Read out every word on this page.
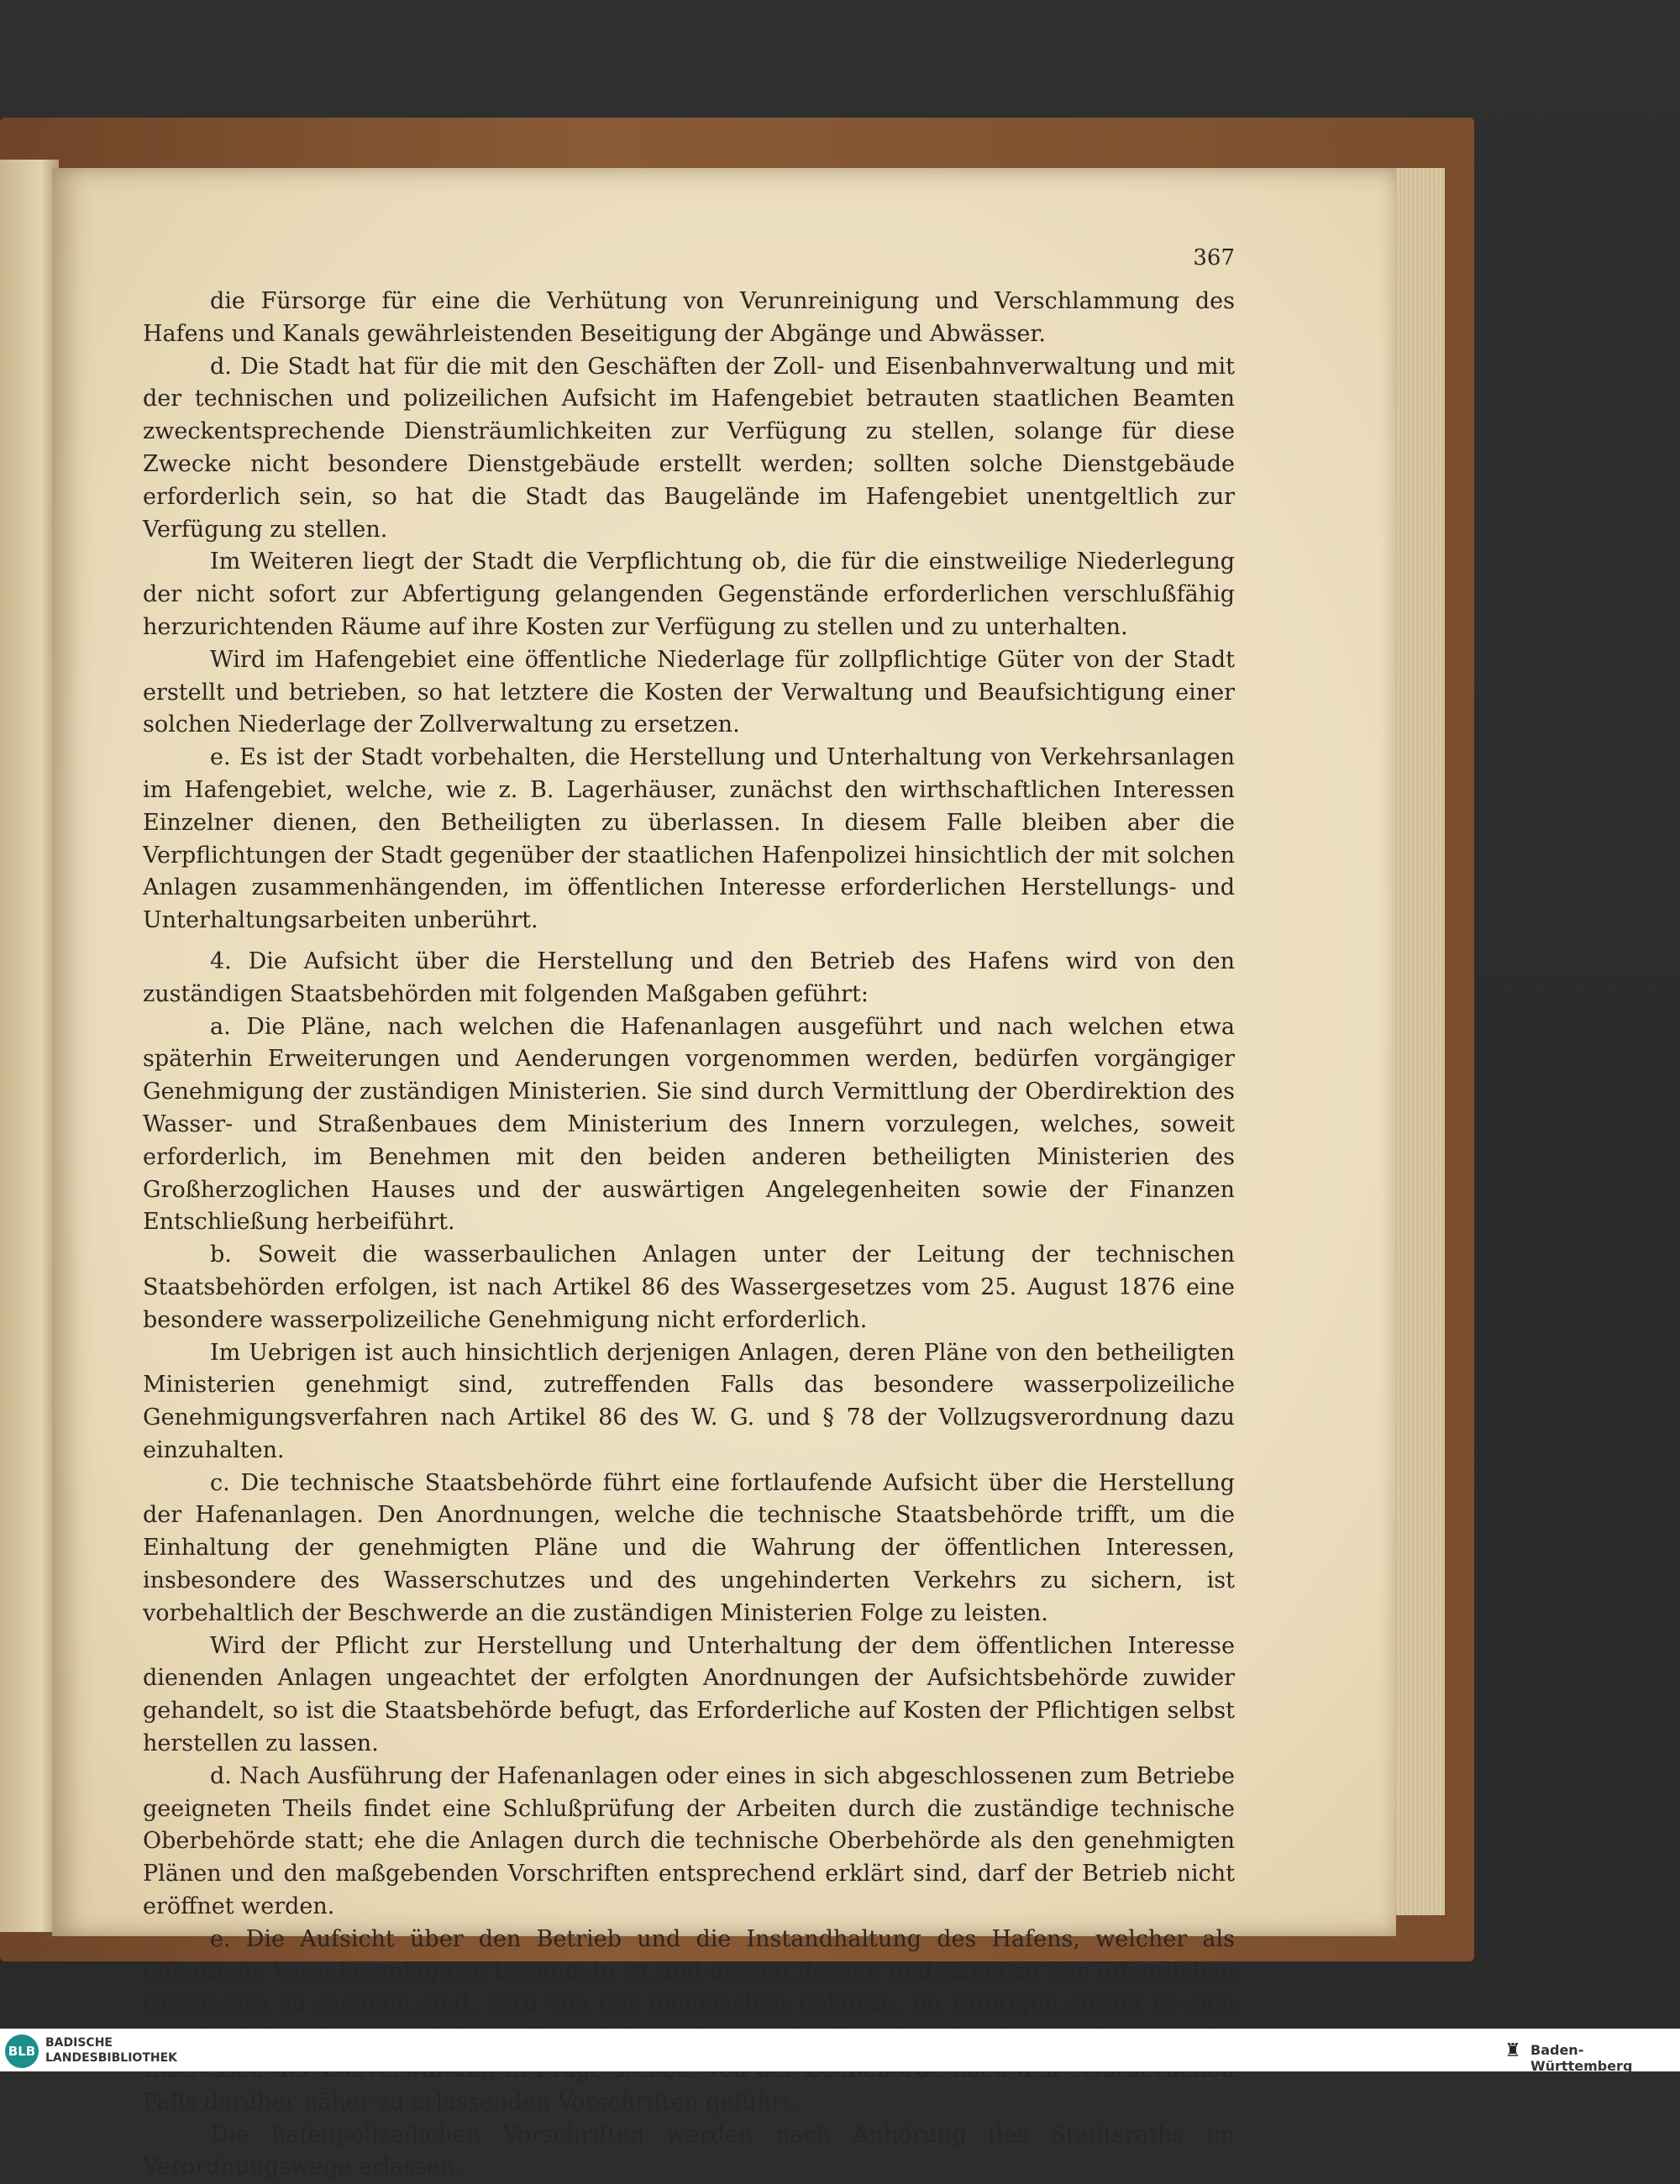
367

die Fürsorge für eine die Verhütung von Verunreinigung und Verschlammung des Hafens und Kanals gewährleistenden Beseitigung der Abgänge und Abwässer.

d. Die Stadt hat für die mit den Geschäften der Zoll- und Eisenbahnverwaltung und mit der technischen und polizeilichen Aufsicht im Hafengebiet betrauten staatlichen Beamten zweckentsprechende Diensträumlichkeiten zur Verfügung zu stellen, solange für diese Zwecke nicht besondere Dienstgebäude erstellt werden; sollten solche Dienstgebäude erforderlich sein, so hat die Stadt das Baugelände im Hafengebiet unentgeltlich zur Verfügung zu stellen.

Im Weiteren liegt der Stadt die Verpflichtung ob, die für die einstweilige Niederlegung der nicht sofort zur Abfertigung gelangenden Gegenstände erforderlichen verschlußfähig herzurichtenden Räume auf ihre Kosten zur Verfügung zu stellen und zu unterhalten.

Wird im Hafengebiet eine öffentliche Niederlage für zollpflichtige Güter von der Stadt erstellt und betrieben, so hat letztere die Kosten der Verwaltung und Beaufsichtigung einer solchen Niederlage der Zollverwaltung zu ersetzen.

e. Es ist der Stadt vorbehalten, die Herstellung und Unterhaltung von Verkehrsanlagen im Hafengebiet, welche, wie z. B. Lagerhäuser, zunächst den wirthschaftlichen Interessen Einzelner dienen, den Betheiligten zu überlassen. In diesem Falle bleiben aber die Verpflichtungen der Stadt gegenüber der staatlichen Hafenpolizei hinsichtlich der mit solchen Anlagen zusammenhängenden, im öffentlichen Interesse erforderlichen Herstellungs- und Unterhaltungsarbeiten unberührt.

4. Die Aufsicht über die Herstellung und den Betrieb des Hafens wird von den zuständigen Staatsbehörden mit folgenden Maßgaben geführt:

a. Die Pläne, nach welchen die Hafenanlagen ausgeführt und nach welchen etwa späterhin Erweiterungen und Aenderungen vorgenommen werden, bedürfen vorgängiger Genehmigung der zuständigen Ministerien. Sie sind durch Vermittlung der Oberdirektion des Wasser- und Straßenbaues dem Ministerium des Innern vorzulegen, welches, soweit erforderlich, im Benehmen mit den beiden anderen betheiligten Ministerien des Großherzoglichen Hauses und der auswärtigen Angelegenheiten sowie der Finanzen Entschließung herbeiführt.

b. Soweit die wasserbaulichen Anlagen unter der Leitung der technischen Staatsbehörden erfolgen, ist nach Artikel 86 des Wassergesetzes vom 25. August 1876 eine besondere wasserpolizeiliche Genehmigung nicht erforderlich.

Im Uebrigen ist auch hinsichtlich derjenigen Anlagen, deren Pläne von den betheiligten Ministerien genehmigt sind, zutreffenden Falls das besondere wasserpolizeiliche Genehmigungsverfahren nach Artikel 86 des W. G. und § 78 der Vollzugsverordnung dazu einzuhalten.

c. Die technische Staatsbehörde führt eine fortlaufende Aufsicht über die Herstellung der Hafenanlagen. Den Anordnungen, welche die technische Staatsbehörde trifft, um die Einhaltung der genehmigten Pläne und die Wahrung der öffentlichen Interessen, insbesondere des Wasserschutzes und des ungehinderten Verkehrs zu sichern, ist vorbehaltlich der Beschwerde an die zuständigen Ministerien Folge zu leisten.

Wird der Pflicht zur Herstellung und Unterhaltung der dem öffentlichen Interesse dienenden Anlagen ungeachtet der erfolgten Anordnungen der Aufsichtsbehörde zuwider gehandelt, so ist die Staatsbehörde befugt, das Erforderliche auf Kosten der Pflichtigen selbst herstellen zu lassen.

d. Nach Ausführung der Hafenanlagen oder eines in sich abgeschlossenen zum Betriebe geeigneten Theils findet eine Schlußprüfung der Arbeiten durch die zuständige technische Oberbehörde statt; ehe die Anlagen durch die technische Oberbehörde als den genehmigten Plänen und den maßgebenden Vorschriften entsprechend erklärt sind, darf der Betrieb nicht eröffnet werden.

e. Die Aufsicht über den Betrieb und die Instandhaltung des Hafens, welcher als öffentliche Verkehrsanlage zu behandeln ist und dessen Becken und Kanal zu den öffentlichen Gewässern zu rechnen sind, wird von der technischen Behörde, im Uebrigen soweit es sich Falls darüber näher zu erlassenden Vorschriften geführt.

Die hafenpolizeilichen Vorschriften werden nach Anhörung des Stadtsraths im Verordnungswege erlassen.

BLB
BADISCHE
LANDESBIBLIOTHEK	♜ Baden-Württemberg
